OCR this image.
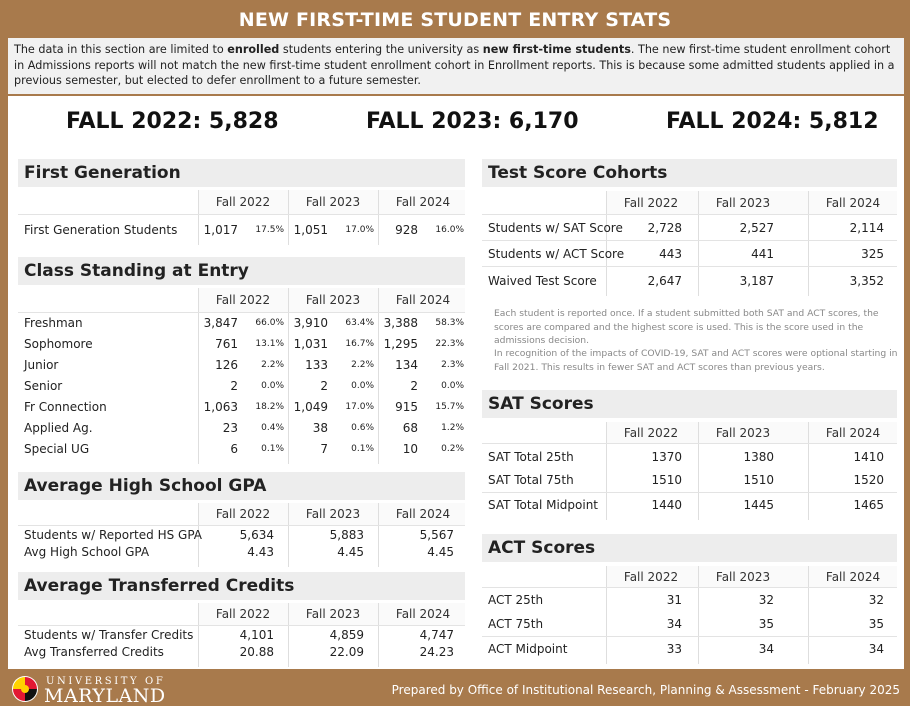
NEW FIRST-TIME STUDENT ENTRY STATS
The data in this section are limited to enrolled students entering the university as new first-time students. The new first-time student enrollment cohort in Admissions reports will not match the new first-time student enrollment cohort in Enrollment reports. This is because some admitted students applied in a previous semester, but elected to defer enrollment to a future semester.
FALL 2022: 5,828	FALL 2023: 6,170	FALL 2024: 5,812
First Generation
Fall 2022	Fall 2023	Fall 2024
First Generation Students	1,017	17.5% 1,051	17.0%	928	16.0%
Class Standing at Entry
Fall 2022	Fall 2023	Fall 2024
Freshman	3,847	66.0% 3,910	63.4% 3,388	58.3%
Sophomore	761	13.1% 1,031	16.7% 1,295	22.3%
Junior	126	2.2%	133	2.2%	134	2.3%
Senior	2	0.0%	2	0.0%	2	0.0%
Fr Connection	1,063	18.2% 1,049	17.0%	915	15.7%
Applied Ag.	23	0.4%	38	0.6%	68	1.2%
Special UG	6	0.1%	7	0.1%	10	0.2%
Average High School GPA
Fall 2022	Fall 2023	Fall 2024
Students w/ Reported HS GPA	5,634	5,883	5,567
Avg High School GPA	4.43	4.45	4.45
Average Transferred Credits
Fall 2022	Fall 2023	Fall 2024
Students w/ Transfer Credits	4,101	4,859	4,747
Avg Transferred Credits	20.88	22.09	24.23
Test Score Cohorts
Fall 2022	Fall 2023	Fall 2024
Students w/ SAT Score	2,728	2,527	2,114
Students w/ ACT Score	443	441	325
Waived Test Score	2,647	3,187	3,352
Each student is reported once. If a student submitted both SAT and ACT scores, the scores are compared and the highest score is used. This is the score used in the admissions decision.
In recognition of the impacts of COVID-19, SAT and ACT scores were optional starting in Fall 2021. This results in fewer SAT and ACT scores than previous years.
SAT Scores
Fall 2022	Fall 2023	Fall 2024
SAT Total 25th	1370	1380	1410
SAT Total 75th	1510	1510	1520
SAT Total Midpoint	1440	1445	1465
ACT Scores
Fall 2022	Fall 2023	Fall 2024
ACT 25th	31	32	32
ACT 75th	34	35	35
ACT Midpoint	33	34	34
UNIVERSITY OF
MARYLAND	Prepared by Office of Institutional Research, Planning & Assessment - February 2025
